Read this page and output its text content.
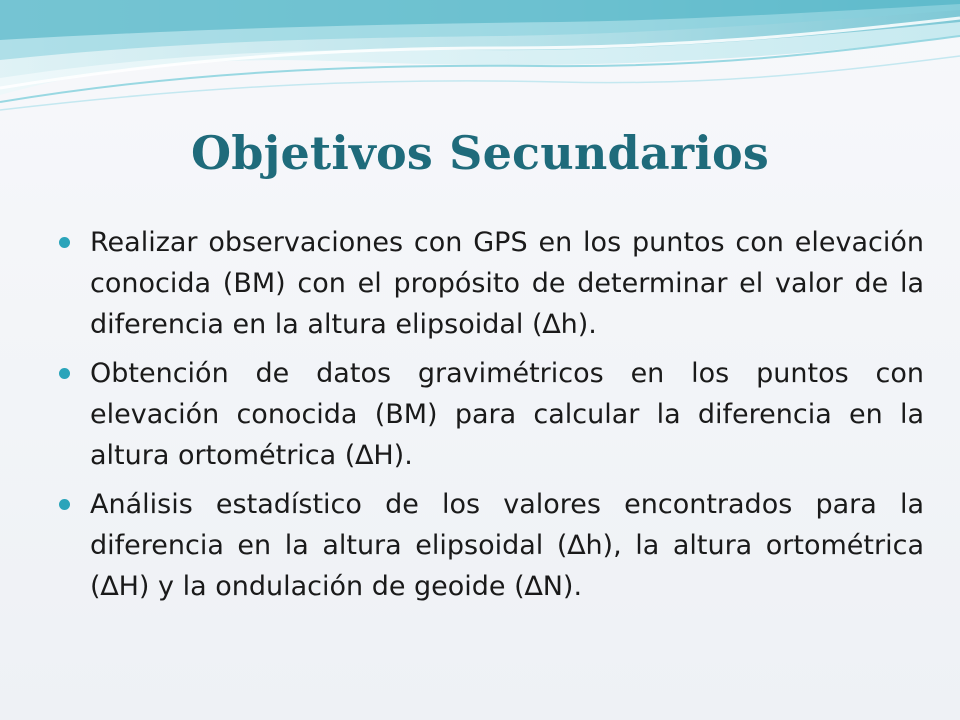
Objetivos Secundarios
Realizar observaciones con GPS en los puntos con elevación conocida (BM) con el propósito de determinar el valor de la diferencia en la altura elipsoidal (∆h).
Obtención de datos gravimétricos en los puntos con elevación conocida (BM) para calcular la diferencia en la altura ortométrica (∆H).
Análisis estadístico de los valores encontrados para la diferencia en la altura elipsoidal (∆h), la altura ortométrica (∆H) y la ondulación de geoide (∆N).
